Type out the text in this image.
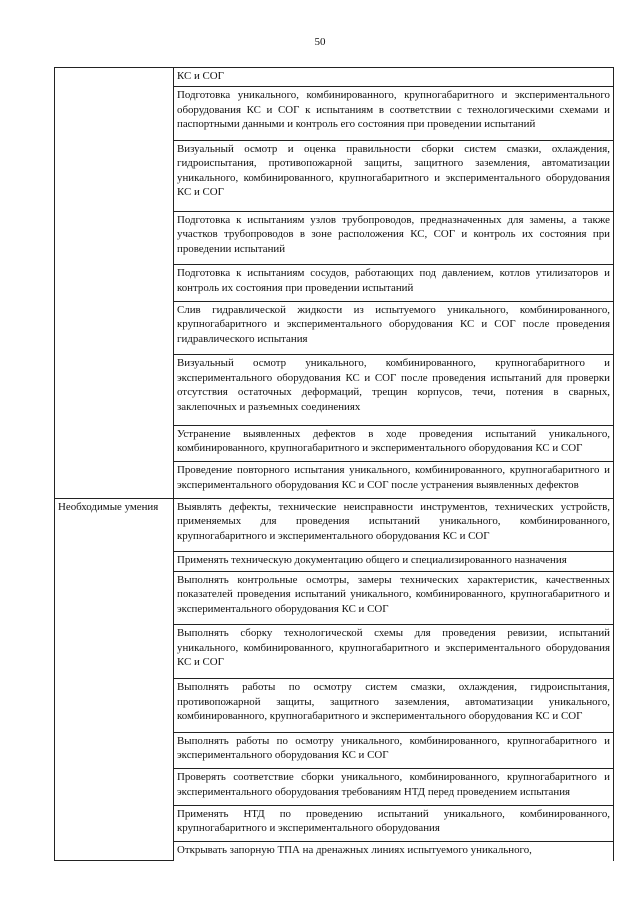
50
	КС и СОГ
	Подготовка уникального, комбинированного, крупногабаритного и экспериментального оборудования КС и СОГ к испытаниям в соответствии с технологическими схемами и паспортными данными и контроль его состояния при проведении испытаний
	Визуальный осмотр и оценка правильности сборки систем смазки, охлаждения, гидроиспытания, противопожарной защиты, защитного заземления, автоматизации уникального, комбинированного, крупногабаритного и экспериментального оборудования КС и СОГ
	Подготовка к испытаниям узлов трубопроводов, предназначенных для замены, а также участков трубопроводов в зоне расположения КС, СОГ и контроль их состояния при проведении испытаний
	Подготовка к испытаниям сосудов, работающих под давлением, котлов утилизаторов и контроль их состояния при проведении испытаний
	Слив гидравлической жидкости из испытуемого уникального, комбинированного, крупногабаритного и экспериментального оборудования КС и СОГ после проведения гидравлического испытания
	Визуальный осмотр уникального, комбинированного, крупногабаритного и экспериментального оборудования КС и СОГ после проведения испытаний для проверки отсутствия остаточных деформаций, трещин корпусов, течи, потения в сварных, заклепочных и разъемных соединениях
	Устранение выявленных дефектов в ходе проведения испытаний уникального, комбинированного, крупногабаритного и экспериментального оборудования КС и СОГ
	Проведение повторного испытания уникального, комбинированного, крупногабаритного и экспериментального оборудования КС и СОГ после устранения выявленных дефектов
Необходимые умения	Выявлять дефекты, технические неисправности инструментов, технических устройств, применяемых для проведения испытаний уникального, комбинированного, крупногабаритного и экспериментального оборудования КС и СОГ
	Применять техническую документацию общего и специализированного назначения
	Выполнять контрольные осмотры, замеры технических характеристик, качественных показателей проведения испытаний уникального, комбинированного, крупногабаритного и экспериментального оборудования КС и СОГ
	Выполнять сборку технологической схемы для проведения ревизии, испытаний уникального, комбинированного, крупногабаритного и экспериментального оборудования КС и СОГ
	Выполнять работы по осмотру систем смазки, охлаждения, гидроиспытания, противопожарной защиты, защитного заземления, автоматизации уникального, комбинированного, крупногабаритного и экспериментального оборудования КС и СОГ
	Выполнять работы по осмотру уникального, комбинированного, крупногабаритного и экспериментального оборудования КС и СОГ
	Проверять соответствие сборки уникального, комбинированного, крупногабаритного и экспериментального оборудования требованиям НТД перед проведением испытания
	Применять НТД по проведению испытаний уникального, комбинированного, крупногабаритного и экспериментального оборудования
	Открывать запорную ТПА на дренажных линиях испытуемого уникального,
